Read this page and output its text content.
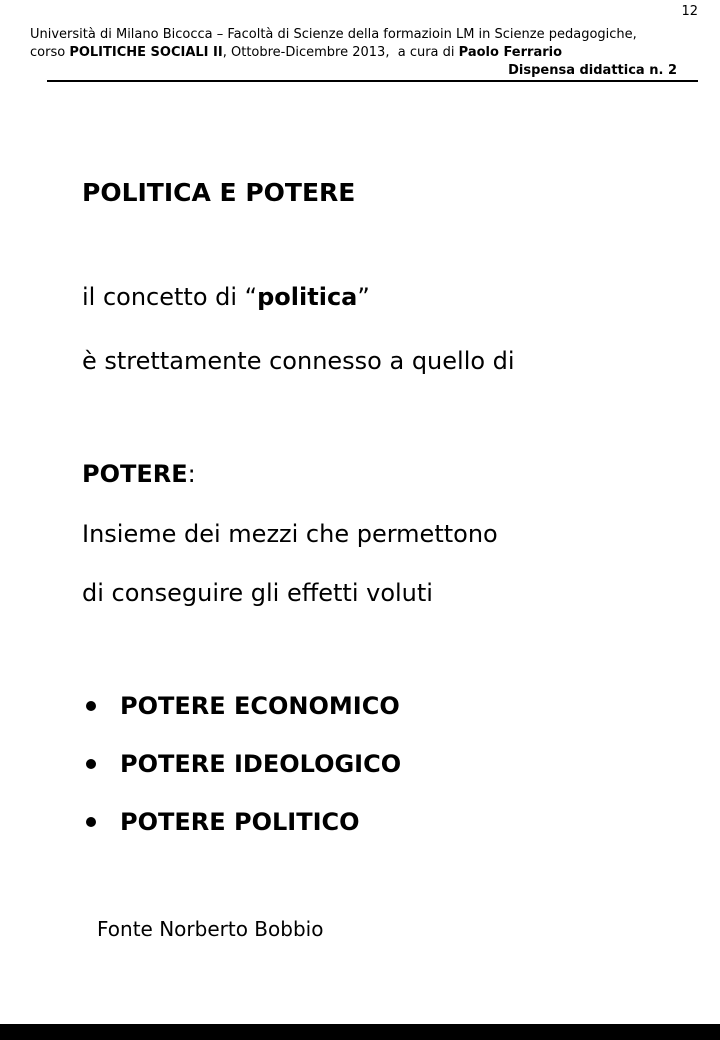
12
Università di Milano Bicocca – Facoltà di Scienze della formazioin LM in Scienze pedagogiche,
corso POLITICHE SOCIALI II, Ottobre-Dicembre 2013,  a cura di Paolo Ferrario
Dispensa didattica n. 2
POLITICA E POTERE
il concetto di “politica”
è strettamente connesso a quello di
POTERE:
Insieme dei mezzi che permettono
di conseguire gli effetti voluti
POTERE ECONOMICO
POTERE IDEOLOGICO
POTERE POLITICO
Fonte Norberto Bobbio
